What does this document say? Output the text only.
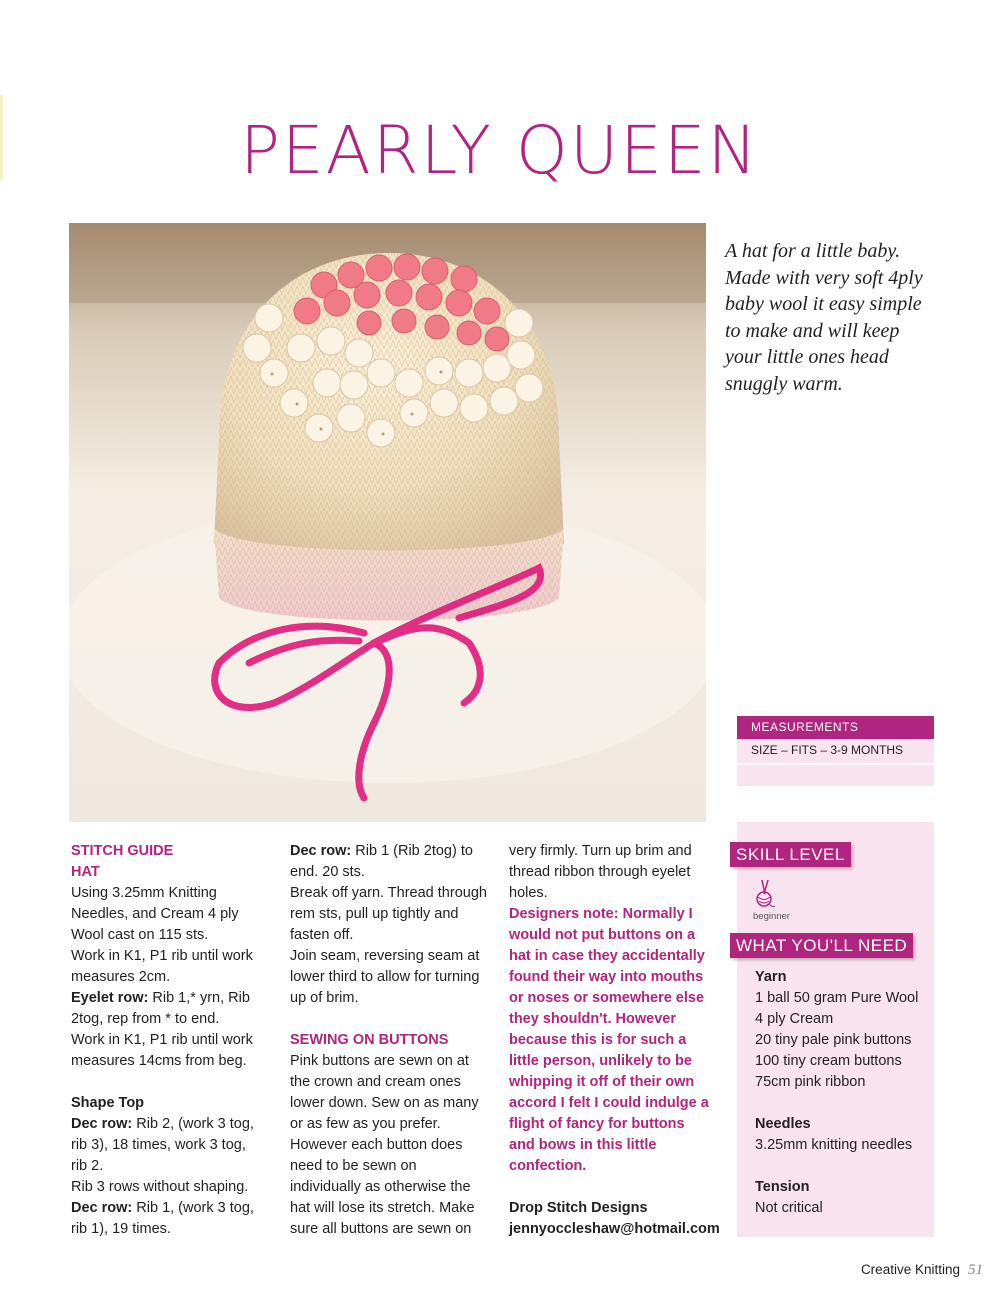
PEARLY QUEEN

A hat for a little baby. Made with very soft 4ply baby wool it easy simple to make and will keep your little ones head snuggly warm.

MEASUREMENTS
SIZE – FITS – 3-9 MONTHS
SKILL LEVEL
beginner
WHAT YOU'LL NEED
Yarn
1 ball 50 gram Pure Wool
4 ply Cream
20 tiny pale pink buttons
100 tiny cream buttons
75cm pink ribbon
Needles
3.25mm knitting needles
Tension
Not critical

STITCH GUIDE

HAT

Using 3.25mm Knitting Needles, and Cream 4 ply Wool cast on 115 sts.

Work in K1, P1 rib until work measures 2cm.

Eyelet row: Rib 1,* yrn, Rib 2tog, rep from * to end.

Work in K1, P1 rib until work measures 14cms from beg.

Shape Top

Dec row: Rib 2, (work 3 tog, rib 3), 18 times, work 3 tog, rib 2.

Rib 3 rows without shaping.

Dec row: Rib 1, (work 3 tog, rib 1), 19 times.

Dec row: Rib 1 (Rib 2tog) to end. 20 sts.

Break off yarn. Thread through rem sts, pull up tightly and fasten off.

Join seam, reversing seam at lower third to allow for turning up of brim.

SEWING ON BUTTONS

Pink buttons are sewn on at the crown and cream ones lower down. Sew on as many or as few as you prefer. However each button does need to be sewn on individually as otherwise the hat will lose its stretch. Make sure all buttons are sewn on

very firmly. Turn up brim and thread ribbon through eyelet holes.

Designers note: Normally I would not put buttons on a hat in case they accidentally found their way into mouths or noses or somewhere else they shouldn't. However because this is for such a little person, unlikely to be whipping it off of their own accord I felt I could indulge a flight of fancy for buttons and bows in this little confection.

Drop Stitch Designs

jennyoccleshaw@hotmail.com

Creative Knitting 51
